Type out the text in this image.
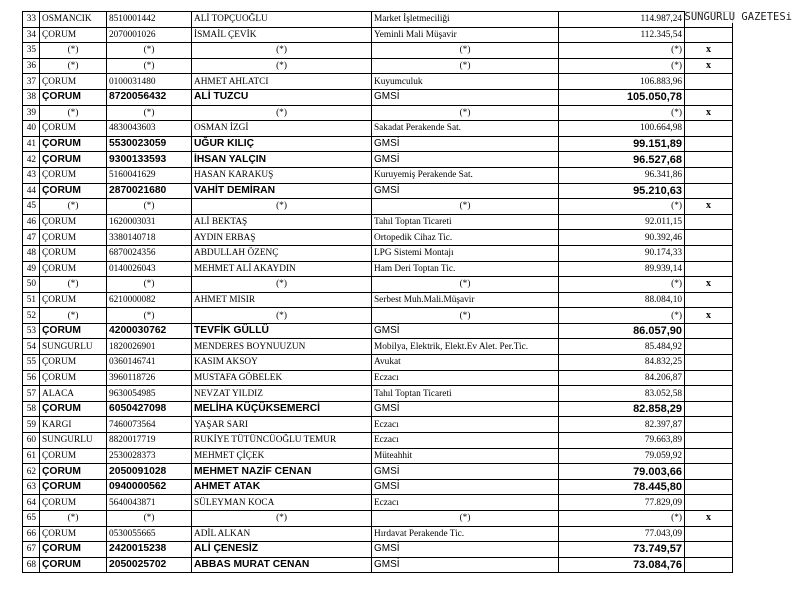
33	OSMANCIK	8510001442	ALİ TOPÇUOĞLU	Market İşletmeciliği	114.987,24	
34	ÇORUM	2070001026	İSMAİL ÇEVİK	Yeminli Mali Müşavir	112.345,54	
35	(*)	(*)	(*)	(*)	(*)	x
36	(*)	(*)	(*)	(*)	(*)	x
37	ÇORUM	0100031480	AHMET AHLATCI	Kuyumculuk	106.883,96	
38	ÇORUM	8720056432	ALİ TUZCU	GMSİ	105.050,78	
39	(*)	(*)	(*)	(*)	(*)	x
40	ÇORUM	4830043603	OSMAN İZGİ	Sakadat Perakende Sat.	100.664,98	
41	ÇORUM	5530023059	UĞUR KILIÇ	GMSİ	99.151,89	
42	ÇORUM	9300133593	İHSAN YALÇIN	GMSİ	96.527,68	
43	ÇORUM	5160041629	HASAN KARAKUŞ	Kuruyemiş Perakende Sat.	96.341,86	
44	ÇORUM	2870021680	VAHİT DEMİRAN	GMSİ	95.210,63	
45	(*)	(*)	(*)	(*)	(*)	x
46	ÇORUM	1620003031	ALİ BEKTAŞ	Tahıl Toptan Ticareti	92.011,15	
47	ÇORUM	3380140718	AYDIN ERBAŞ	Ortopedik Cihaz Tic.	90.392,46	
48	ÇORUM	6870024356	ABDULLAH ÖZENÇ	LPG Sistemi Montajı	90.174,33	
49	ÇORUM	0140026043	MEHMET ALİ AKAYDIN	Ham Deri Toptan Tic.	89.939,14	
50	(*)	(*)	(*)	(*)	(*)	x
51	ÇORUM	6210000082	AHMET MISIR	Serbest Muh.Mali.Müşavir	88.084,10	
52	(*)	(*)	(*)	(*)	(*)	x
53	ÇORUM	4200030762	TEVFİK GÜLLÜ	GMSİ	86.057,90	
54	SUNGURLU	1820026901	MENDERES BOYNUUZUN	Mobilya, Elektrik, Elekt.Ev Alet. Per.Tic.	85.484,92	
55	ÇORUM	0360146741	KASIM AKSOY	Avukat	84.832,25	
56	ÇORUM	3960118726	MUSTAFA GÖBELEK	Eczacı	84.206,87	
57	ALACA	9630054985	NEVZAT YILDIZ	Tahıl Toptan Ticareti	83.052,58	
58	ÇORUM	6050427098	MELİHA KÜÇÜKSEMERCİ	GMSİ	82.858,29	
59	KARGI	7460073564	YAŞAR SARI	Eczacı	82.397,87	
60	SUNGURLU	8820017719	RUKİYE TÜTÜNCÜOĞLU TEMUR	Eczacı	79.663,89	
61	ÇORUM	2530028373	MEHMET ÇİÇEK	Müteahhit	79.059,92	
62	ÇORUM	2050091028	MEHMET NAZİF CENAN	GMSİ	79.003,66	
63	ÇORUM	0940000562	AHMET ATAK	GMSİ	78.445,80	
64	ÇORUM	5640043871	SÜLEYMAN KOCA	Eczacı	77.829,09	
65	(*)	(*)	(*)	(*)	(*)	x
66	ÇORUM	0530055665	ADİL ALKAN	Hırdavat Perakende Tic.	77.043,09	
67	ÇORUM	2420015238	ALİ ÇENESİZ	GMSİ	73.749,57	
68	ÇORUM	2050025702	ABBAS MURAT CENAN	GMSİ	73.084,76	
SUNGURLU GAZETESi
